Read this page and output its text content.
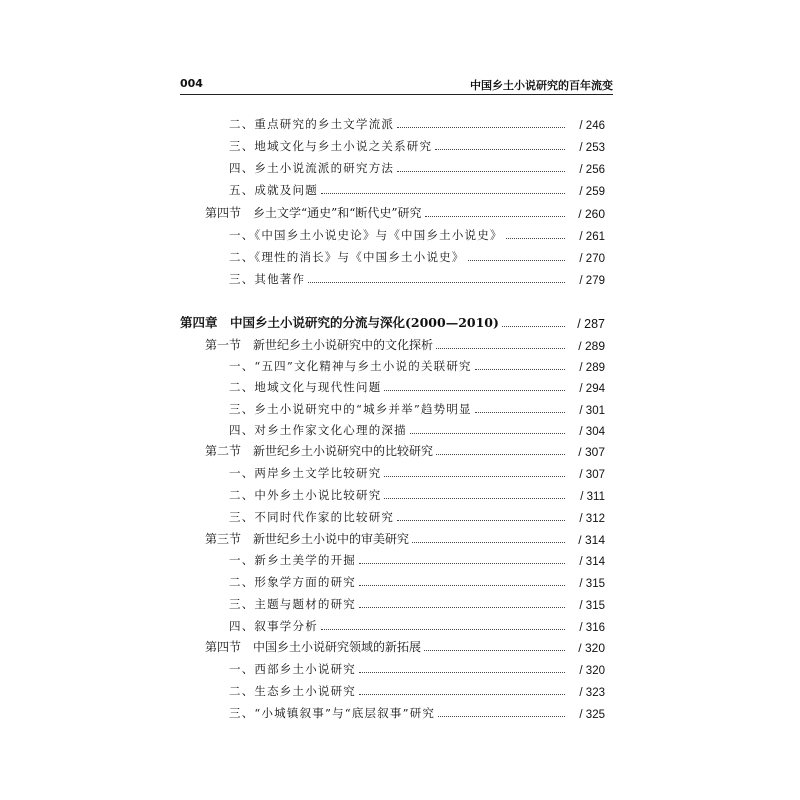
004	中国乡土小说研究的百年流变
二、重点研究的乡土文学流派	/ 246
三、地域文化与乡土小说之关系研究	/ 253
四、乡土小说流派的研究方法	/ 256
五、成就及问题	/ 259
第四节　乡土文学“通史”和“断代史”研究	/ 260
一、《中国乡土小说史论》与《中国乡土小说史》	/ 261
二、《理性的消长》与《中国乡土小说史》	/ 270
三、其他著作	/ 279
第四章　中国乡土小说研究的分流与深化(2000—2010)	/ 287
第一节　新世纪乡土小说研究中的文化探析	/ 289
一、“五四”文化精神与乡土小说的关联研究	/ 289
二、地域文化与现代性问题	/ 294
三、乡土小说研究中的“城乡并举”趋势明显	/ 301
四、对乡土作家文化心理的深描	/ 304
第二节　新世纪乡土小说研究中的比较研究	/ 307
一、两岸乡土文学比较研究	/ 307
二、中外乡土小说比较研究	/ 311
三、不同时代作家的比较研究	/ 312
第三节　新世纪乡土小说中的审美研究	/ 314
一、新乡土美学的开掘	/ 314
二、形象学方面的研究	/ 315
三、主题与题材的研究	/ 315
四、叙事学分析	/ 316
第四节　中国乡土小说研究领域的新拓展	/ 320
一、西部乡土小说研究	/ 320
二、生态乡土小说研究	/ 323
三、“小城镇叙事”与“底层叙事”研究	/ 325
